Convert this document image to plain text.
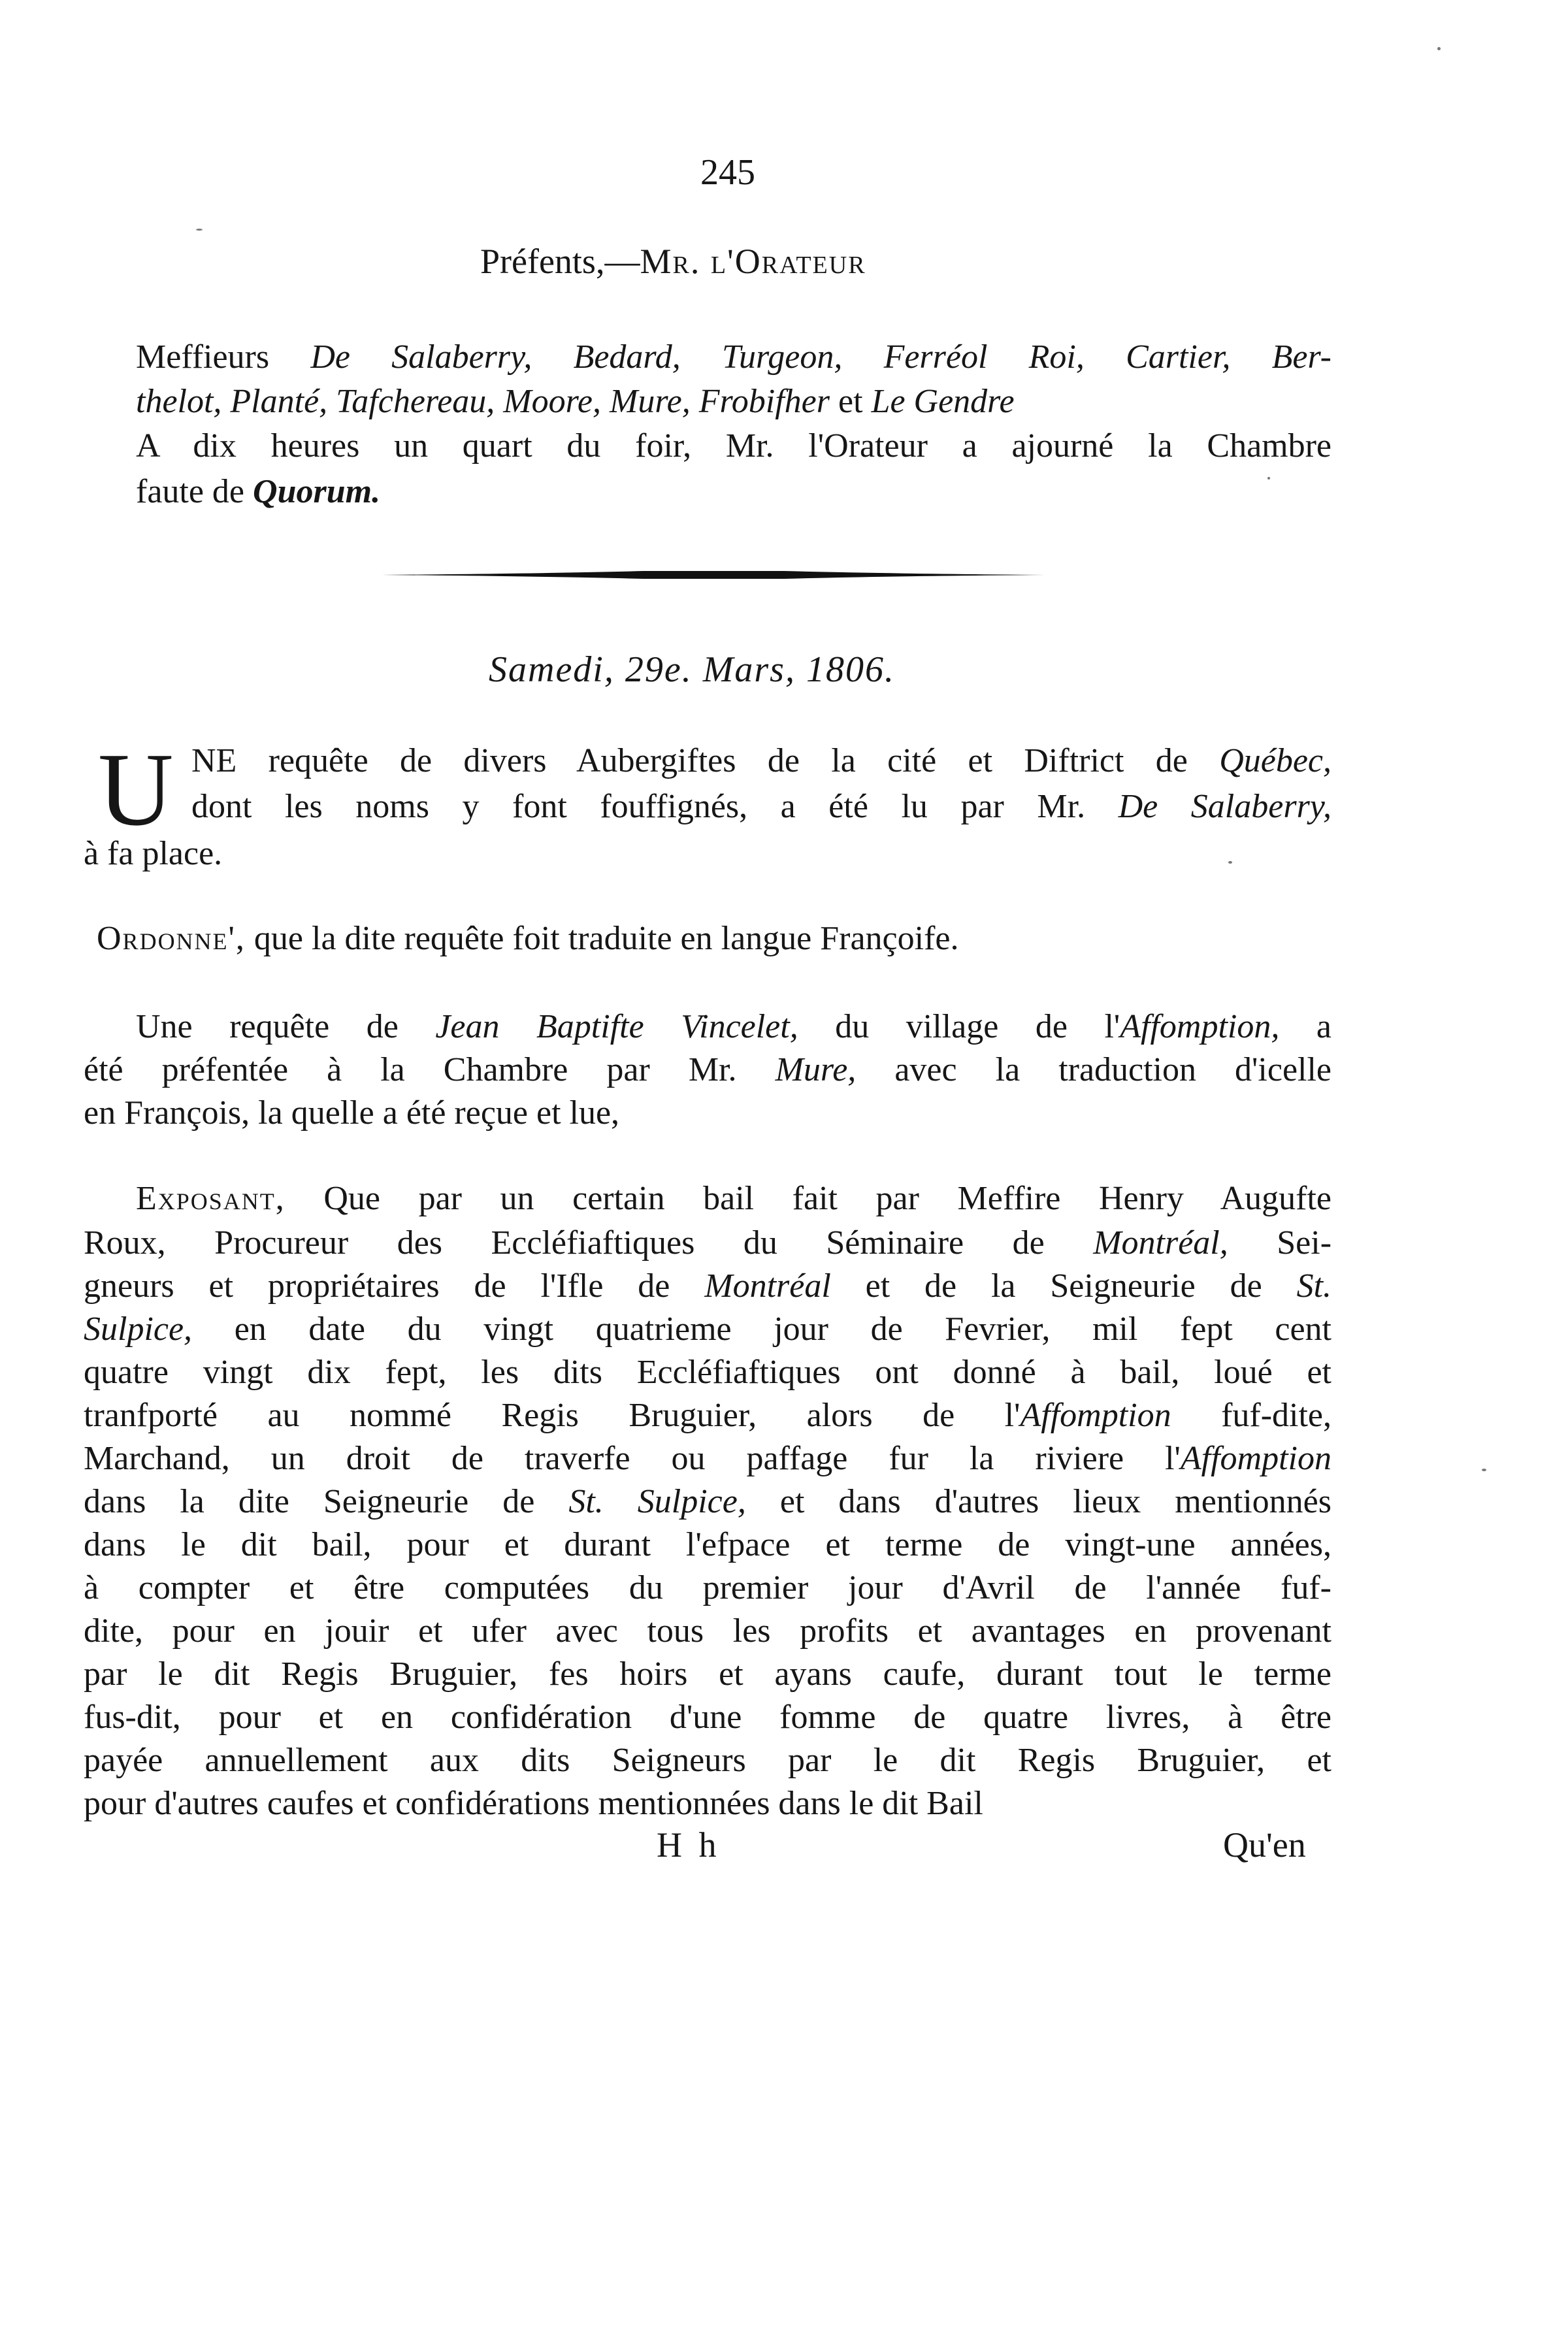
245
Préfents,—Mr. l'Orateur
Meffieurs De Salaberry, Bedard, Turgeon, Ferréol Roi, Cartier, Ber-
thelot, Planté, Tafchereau, Moore, Mure, Frobifher et Le Gendre
A dix heures un quart du foir, Mr. l'Orateur a ajourné la Chambre
faute de Quorum.
Samedi, 29e. Mars, 1806.
U NE requête de divers Aubergiftes de la cité et Diftrict de Québec,
dont les noms y font fouffignés, a été lu par Mr. De Salaberry,
à fa place.
Ordonne', que la dite requête foit traduite en langue Françoife.
Une requête de Jean Baptifte Vincelet, du village de l'Affomption, a
été préfentée à la Chambre par Mr. Mure, avec la traduction d'icelle
en François, la quelle a été reçue et lue,
Exposant, Que par un certain bail fait par Meffire Henry Augufte
Roux, Procureur des Eccléfiaftiques du Séminaire de Montréal, Sei-
gneurs et propriétaires de l'Ifle de Montréal et de la Seigneurie de St.
Sulpice, en date du vingt quatrieme jour de Fevrier, mil fept cent
quatre vingt dix fept, les dits Eccléfiaftiques ont donné à bail, loué et
tranfporté au nommé Regis Bruguier, alors de l'Affomption fuf-dite,
Marchand, un droit de traverfe ou paffage fur la riviere l'Affomption
dans la dite Seigneurie de St. Sulpice, et dans d'autres lieux mentionnés
dans le dit bail, pour et durant l'efpace et terme de vingt-une années,
à compter et être computées du premier jour d'Avril de l'année fuf-
dite, pour en jouir et ufer avec tous les profits et avantages en provenant
par le dit Regis Bruguier, fes hoirs et ayans caufe, durant tout le terme
fus-dit, pour et en confidération d'une fomme de quatre livres, à être
payée annuellement aux dits Seigneurs par le dit Regis Bruguier, et
pour d'autres caufes et confidérations mentionnées dans le dit Bail
H h	Qu'en
